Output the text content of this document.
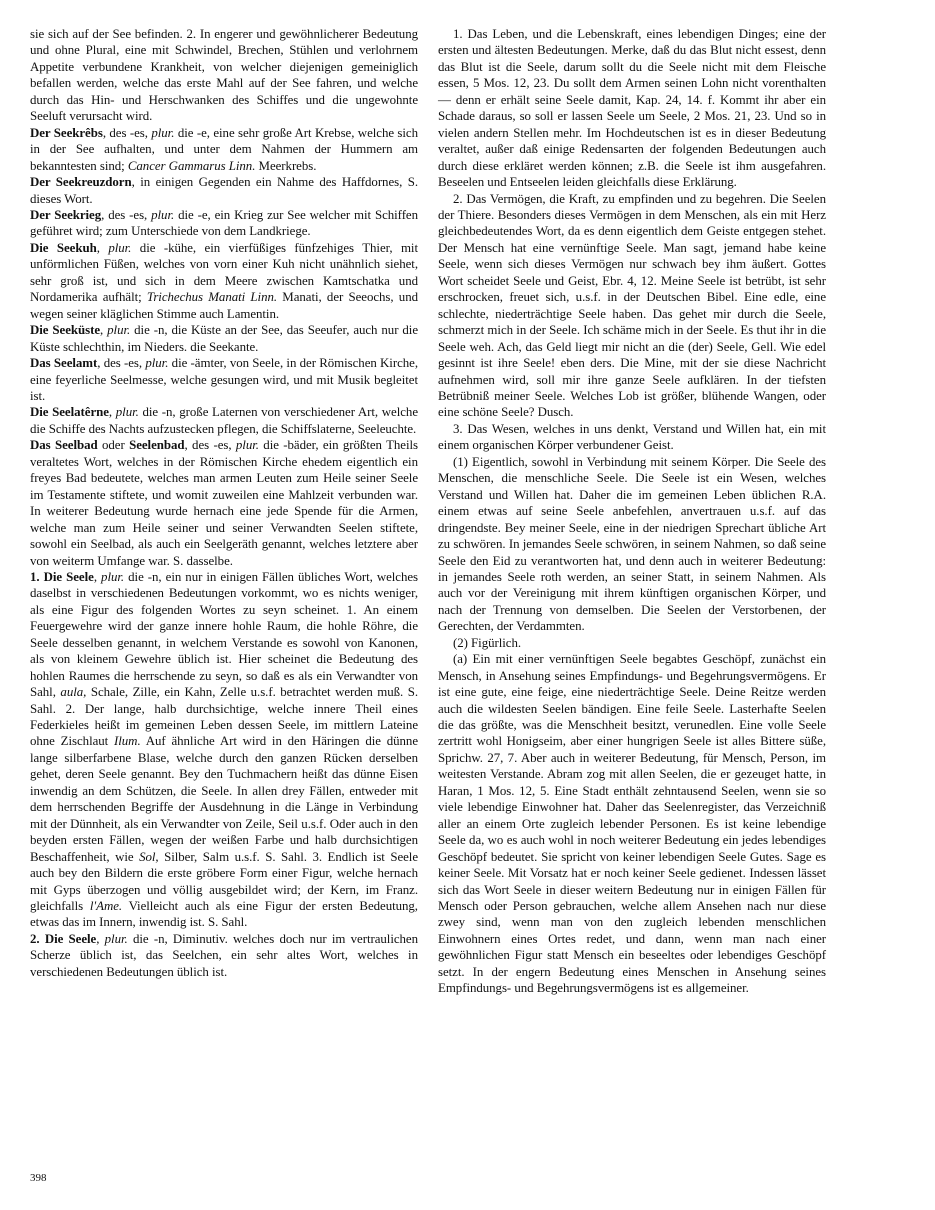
sie sich auf der See befinden. 2. In engerer und gewöhnlicherer Bedeutung und ohne Plural, eine mit Schwindel, Brechen, Stühlen und verlohrnem Appetite verbundene Krankheit, von welcher diejenigen gemeiniglich befallen werden, welche das erste Mahl auf der See fahren, und welche durch das Hin- und Herschwanken des Schiffes und die ungewohnte Seeluft verursacht wird.

Der Seekrêbs, des -es, plur. die -e, eine sehr große Art Krebse, welche sich in der See aufhalten, und unter dem Nahmen der Hummern am bekanntesten sind; Cancer Gammarus Linn. Meerkrebs.

Der Seekreuzdorn, in einigen Gegenden ein Nahme des Haffdornes, S. dieses Wort.

Der Seekrieg, des -es, plur. die -e, ein Krieg zur See welcher mit Schiffen geführet wird; zum Unterschiede von dem Landkriege.

Die Seekuh, plur. die -kühe, ein vierfüßiges fünfzehiges Thier, mit unförmlichen Füßen, welches von vorn einer Kuh nicht unähnlich siehet, sehr groß ist, und sich in dem Meere zwischen Kamtschatka und Nordamerika aufhält; Trichechus Manati Linn. Manati, der Seeochs, und wegen seiner kläglichen Stimme auch Lamentin.

Die Seeküste, plur. die -n, die Küste an der See, das Seeufer, auch nur die Küste schlechthin, im Nieders. die Seekante.

Das Seelamt, des -es, plur. die -ämter, von Seele, in der Römischen Kirche, eine feyerliche Seelmesse, welche gesungen wird, und mit Musik begleitet ist.

Die Seelatêrne, plur. die -n, große Laternen von verschiedener Art, welche die Schiffe des Nachts aufzustecken pflegen, die Schiffslaterne, Seeleuchte.

Das Seelbad oder Seelenbad, des -es, plur. die -bäder, ein größten Theils veraltetes Wort, welches in der Römischen Kirche ehedem eigentlich ein freyes Bad bedeutete, welches man armen Leuten zum Heile seiner Seele im Testamente stiftete, und womit zuweilen eine Mahlzeit verbunden war. In weiterer Bedeutung wurde hernach eine jede Spende für die Armen, welche man zum Heile seiner und seiner Verwandten Seelen stiftete, sowohl ein Seelbad, als auch ein Seelgeräth genannt, welches letztere aber von weiterm Umfange war. S. dasselbe.

1. Die Seele, plur. die -n, ein nur in einigen Fällen übliches Wort, welches daselbst in verschiedenen Bedeutungen vorkommt, wo es nichts weniger, als eine Figur des folgenden Wortes zu seyn scheinet. 1. An einem Feuergewehre wird der ganze innere hohle Raum, die hohle Röhre, die Seele desselben genannt, in welchem Verstande es sowohl von Kanonen, als von kleinem Gewehre üblich ist. Hier scheinet die Bedeutung des hohlen Raumes die herrschende zu seyn, so daß es als ein Verwandter von Sahl, aula, Schale, Zille, ein Kahn, Zelle u.s.f. betrachtet werden muß. S. Sahl. 2. Der lange, halb durchsichtige, welche innere Theil eines Federkieles heißt im gemeinen Leben dessen Seele, im mittlern Lateine ohne Zischlaut Ilum. Auf ähnliche Art wird in den Häringen die dünne lange silberfarbene Blase, welche durch den ganzen Rücken derselben gehet, deren Seele genannt. Bey den Tuchmachern heißt das dünne Eisen inwendig an dem Schützen, die Seele. In allen drey Fällen, entweder mit dem herrschenden Begriffe der Ausdehnung in die Länge in Verbindung mit der Dünnheit, als ein Verwandter von Zeile, Seil u.s.f. Oder auch in den beyden ersten Fällen, wegen der weißen Farbe und halb durchsichtigen Beschaffenheit, wie Sol, Silber, Salm u.s.f. S. Sahl. 3. Endlich ist Seele auch bey den Bildern die erste gröbere Form einer Figur, welche hernach mit Gyps überzogen und völlig ausgebildet wird; der Kern, im Franz. gleichfalls l'Ame. Vielleicht auch als eine Figur der ersten Bedeutung, etwas das im Innern, inwendig ist. S. Sahl.

2. Die Seele, plur. die -n, Diminutiv. welches doch nur im vertraulichen Scherze üblich ist, das Seelchen, ein sehr altes Wort, welches in verschiedenen Bedeutungen üblich ist.

1. Das Leben, und die Lebenskraft, eines lebendigen Dinges; eine der ersten und ältesten Bedeutungen. Merke, daß du das Blut nicht essest, denn das Blut ist die Seele, darum sollt du die Seele nicht mit dem Fleische essen, 5 Mos. 12, 23. Du sollt dem Armen seinen Lohn nicht vorenthalten— denn er erhält seine Seele damit, Kap. 24, 14. f. Kommt ihr aber ein Schade daraus, so soll er lassen Seele um Seele, 2 Mos. 21, 23. Und so in vielen andern Stellen mehr. Im Hochdeutschen ist es in dieser Bedeutung veraltet, außer daß einige Redensarten der folgenden Bedeutungen auch durch diese erkläret werden können; z.B. die Seele ist ihm ausgefahren. Beseelen und Entseelen leiden gleichfalls diese Erklärung.

2. Das Vermögen, die Kraft, zu empfinden und zu begehren. Die Seelen der Thiere. Besonders dieses Vermögen in dem Menschen, als ein mit Herz gleichbedeutendes Wort, da es denn eigentlich dem Geiste entgegen stehet. Der Mensch hat eine vernünftige Seele. Man sagt, jemand habe keine Seele, wenn sich dieses Vermögen nur schwach bey ihm äußert. Gottes Wort scheidet Seele und Geist, Ebr. 4, 12. Meine Seele ist betrübt, ist sehr erschrocken, freuet sich, u.s.f. in der Deutschen Bibel. Eine edle, eine schlechte, niederträchtige Seele haben. Das gehet mir durch die Seele, schmerzt mich in der Seele. Ich schäme mich in der Seele. Es thut ihr in die Seele weh. Ach, das Geld liegt mir nicht an die (der) Seele, Gell. Wie edel gesinnt ist ihre Seele! eben ders. Die Mine, mit der sie diese Nachricht aufnehmen wird, soll mir ihre ganze Seele aufklären. In der tiefsten Betrübniß meiner Seele. Welches Lob ist größer, blühende Wangen, oder eine schöne Seele? Dusch.

3. Das Wesen, welches in uns denkt, Verstand und Willen hat, ein mit einem organischen Körper verbundener Geist.

(1) Eigentlich, sowohl in Verbindung mit seinem Körper. Die Seele des Menschen, die menschliche Seele. Die Seele ist ein Wesen, welches Verstand und Willen hat. Daher die im gemeinen Leben üblichen R.A. einem etwas auf seine Seele anbefehlen, anvertrauen u.s.f. auf das dringendste. Bey meiner Seele, eine in der niedrigen Sprechart übliche Art zu schwören. In jemandes Seele schwören, in seinem Nahmen, so daß seine Seele den Eid zu verantworten hat, und denn auch in weiterer Bedeutung: in jemandes Seele roth werden, an seiner Statt, in seinem Nahmen. Als auch vor der Vereinigung mit ihrem künftigen organischen Körper, und nach der Trennung von demselben. Die Seelen der Verstorbenen, der Gerechten, der Verdammten.

(2) Figürlich.

(a) Ein mit einer vernünftigen Seele begabtes Geschöpf, zunächst ein Mensch, in Ansehung seines Empfindungs- und Begehrungsvermögens. Er ist eine gute, eine feige, eine niederträchtige Seele. Deine Reitze werden auch die wildesten Seelen bändigen. Eine feile Seele. Lasterhafte Seelen die das größte, was die Menschheit besitzt, verunedlen. Eine volle Seele zertritt wohl Honigseim, aber einer hungrigen Seele ist alles Bittere süße, Sprichw. 27, 7. Aber auch in weiterer Bedeutung, für Mensch, Person, im weitesten Verstande. Abram zog mit allen Seelen, die er gezeuget hatte, in Haran, 1 Mos. 12, 5. Eine Stadt enthält zehntausend Seelen, wenn sie so viele lebendige Einwohner hat. Daher das Seelenregister, das Verzeichniß aller an einem Orte zugleich lebender Personen. Es ist keine lebendige Seele da, wo es auch wohl in noch weiterer Bedeutung ein jedes lebendiges Geschöpf bedeutet. Sie spricht von keiner lebendigen Seele Gutes. Sage es keiner Seele. Mit Vorsatz hat er noch keiner Seele gedienet. Indessen lässet sich das Wort Seele in dieser weitern Bedeutung nur in einigen Fällen für Mensch oder Person gebrauchen, welche allem Ansehen nach nur diese zwey sind, wenn man von den zugleich lebenden menschlichen Einwohnern eines Ortes redet, und dann, wenn man nach einer gewöhnlichen Figur statt Mensch ein beseeltes oder lebendiges Geschöpf setzt. In der engern Bedeutung eines Menschen in Ansehung seines Empfindungs- und Begehrungsvermögens ist es allgemeiner.

398
